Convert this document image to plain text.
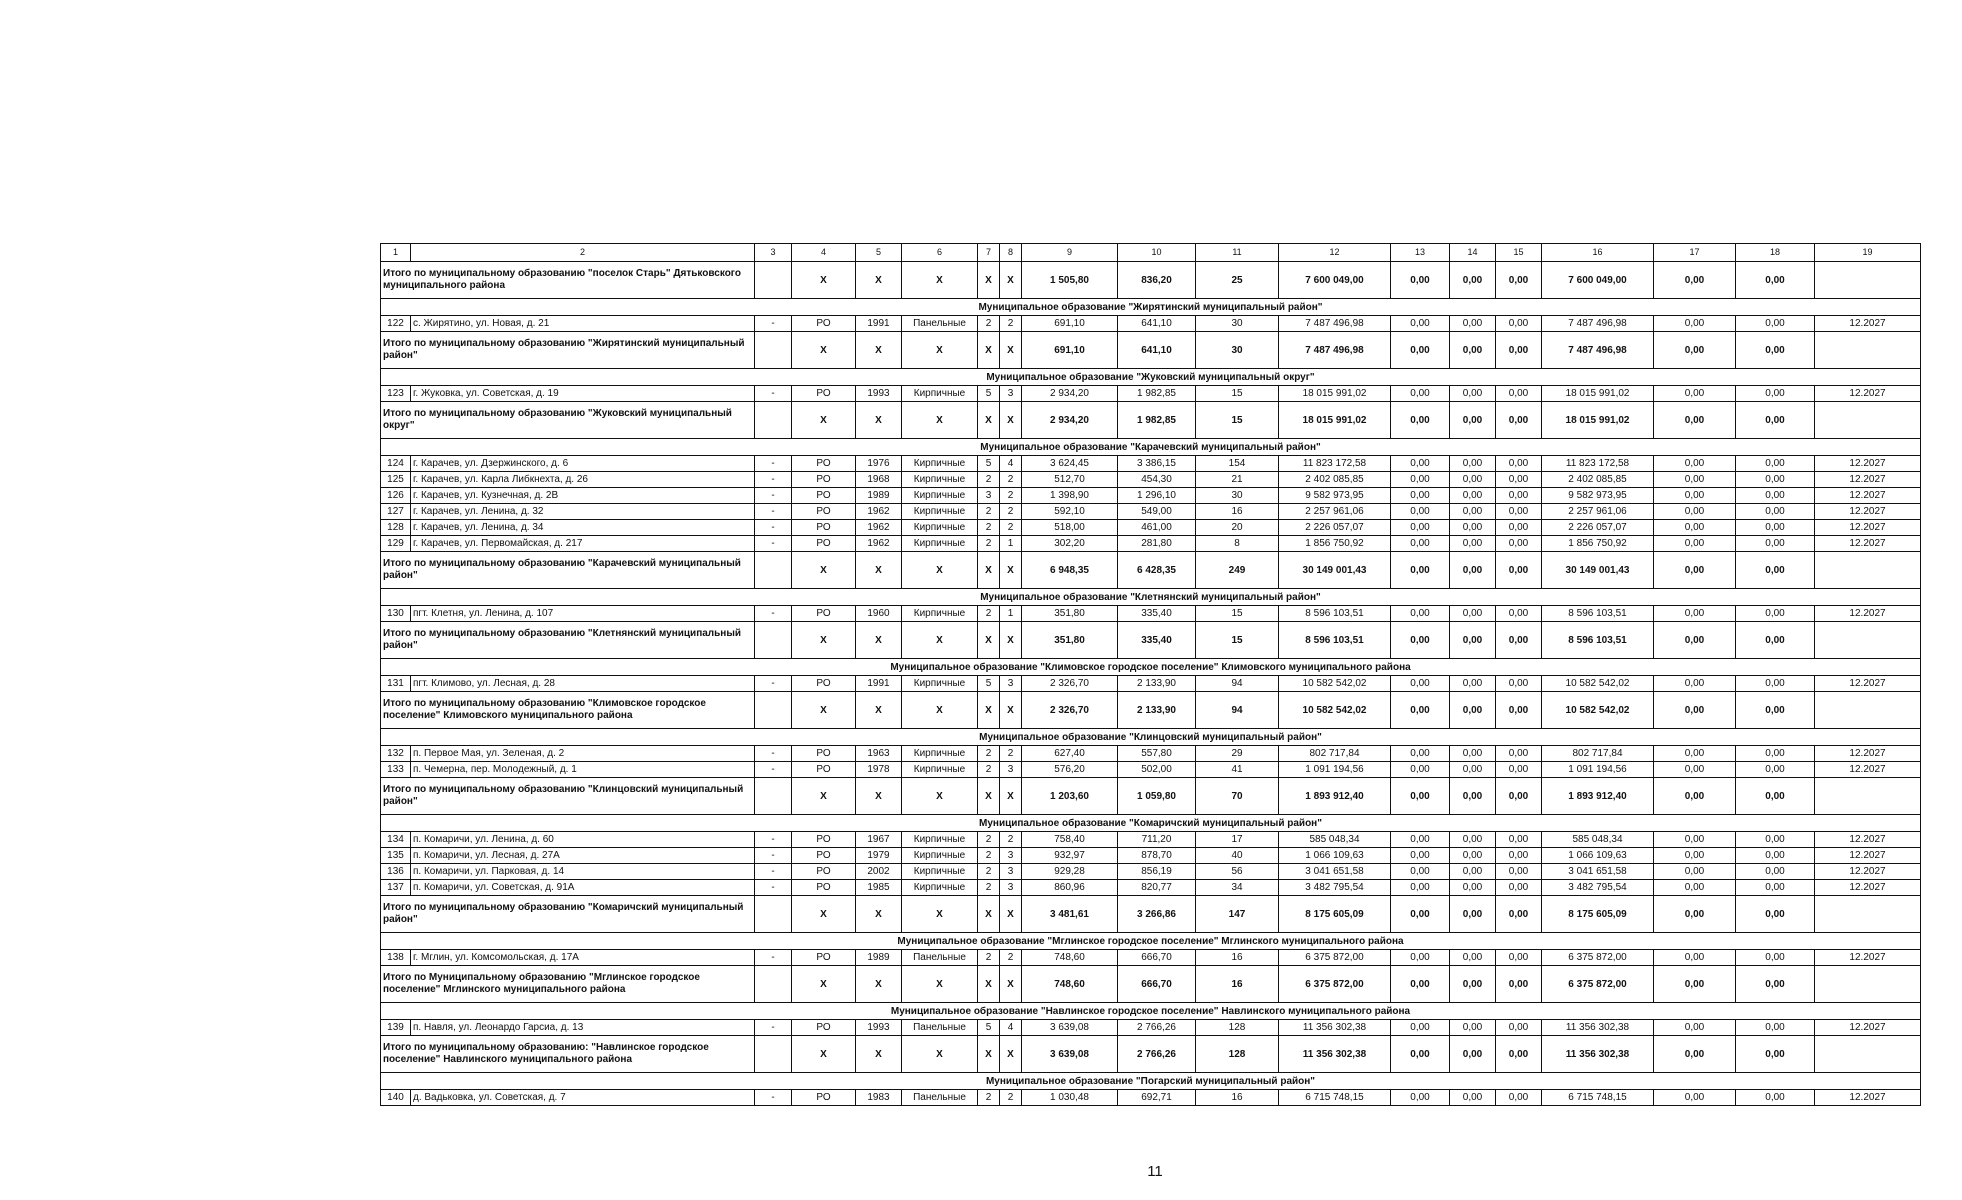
1	2	3	4	5	6	7	8	9	10	11	12	13	14	15	16	17	18	19
Итого по муниципальному образованию "поселок Старь" Дятьковского муниципального района			X	X	X	X	X	1 505,80	836,20	25	7 600 049,00	0,00	0,00	0,00	7 600 049,00	0,00	0,00	
Муниципальное образование "Жирятинский муниципальный район"																		
122	с. Жирятино, ул. Новая, д. 21	-	РО	1991	Панельные	2	2	691,10	641,10	30	7 487 496,98	0,00	0,00	0,00	7 487 496,98	0,00	0,00	12.2027
Итого по муниципальному образованию "Жирятинский муниципальный район"			X	X	X	X	X	691,10	641,10	30	7 487 496,98	0,00	0,00	0,00	7 487 496,98	0,00	0,00	
Муниципальное образование "Жуковский муниципальный округ"																		
123	г. Жуковка, ул. Советская, д. 19	-	РО	1993	Кирпичные	5	3	2 934,20	1 982,85	15	18 015 991,02	0,00	0,00	0,00	18 015 991,02	0,00	0,00	12.2027
Итого по муниципальному образованию "Жуковский муниципальный округ"			X	X	X	X	X	2 934,20	1 982,85	15	18 015 991,02	0,00	0,00	0,00	18 015 991,02	0,00	0,00	
Муниципальное образование "Карачевский муниципальный район"																		
124	г. Карачев, ул. Дзержинского, д. 6	-	РО	1976	Кирпичные	5	4	3 624,45	3 386,15	154	11 823 172,58	0,00	0,00	0,00	11 823 172,58	0,00	0,00	12.2027
125	г. Карачев, ул. Карла Либкнехта, д. 26	-	РО	1968	Кирпичные	2	2	512,70	454,30	21	2 402 085,85	0,00	0,00	0,00	2 402 085,85	0,00	0,00	12.2027
126	г. Карачев, ул. Кузнечная, д. 2В	-	РО	1989	Кирпичные	3	2	1 398,90	1 296,10	30	9 582 973,95	0,00	0,00	0,00	9 582 973,95	0,00	0,00	12.2027
127	г. Карачев, ул. Ленина, д. 32	-	РО	1962	Кирпичные	2	2	592,10	549,00	16	2 257 961,06	0,00	0,00	0,00	2 257 961,06	0,00	0,00	12.2027
128	г. Карачев, ул. Ленина, д. 34	-	РО	1962	Кирпичные	2	2	518,00	461,00	20	2 226 057,07	0,00	0,00	0,00	2 226 057,07	0,00	0,00	12.2027
129	г. Карачев, ул. Первомайская, д. 217	-	РО	1962	Кирпичные	2	1	302,20	281,80	8	1 856 750,92	0,00	0,00	0,00	1 856 750,92	0,00	0,00	12.2027
Итого по муниципальному образованию "Карачевский муниципальный район"			X	X	X	X	X	6 948,35	6 428,35	249	30 149 001,43	0,00	0,00	0,00	30 149 001,43	0,00	0,00	
Муниципальное образование "Клетнянский муниципальный район"																		
130	пгт. Клетня, ул. Ленина, д. 107	-	РО	1960	Кирпичные	2	1	351,80	335,40	15	8 596 103,51	0,00	0,00	0,00	8 596 103,51	0,00	0,00	12.2027
Итого по муниципальному образованию "Клетнянский муниципальный район"			X	X	X	X	X	351,80	335,40	15	8 596 103,51	0,00	0,00	0,00	8 596 103,51	0,00	0,00	
Муниципальное образование "Климовское городское поселение" Климовского муниципального района																		
131	пгт. Климово, ул. Лесная, д. 28	-	РО	1991	Кирпичные	5	3	2 326,70	2 133,90	94	10 582 542,02	0,00	0,00	0,00	10 582 542,02	0,00	0,00	12.2027
Итого по муниципальному образованию "Климовское городское поселение" Климовского муниципального района			X	X	X	X	X	2 326,70	2 133,90	94	10 582 542,02	0,00	0,00	0,00	10 582 542,02	0,00	0,00	
Муниципальное образование "Клинцовский муниципальный район"																		
132	п. Первое Мая, ул. Зеленая, д. 2	-	РО	1963	Кирпичные	2	2	627,40	557,80	29	802 717,84	0,00	0,00	0,00	802 717,84	0,00	0,00	12.2027
133	п. Чемерна, пер. Молодежный, д. 1	-	РО	1978	Кирпичные	2	3	576,20	502,00	41	1 091 194,56	0,00	0,00	0,00	1 091 194,56	0,00	0,00	12.2027
Итого по муниципальному образованию "Клинцовский муниципальный район"			X	X	X	X	X	1 203,60	1 059,80	70	1 893 912,40	0,00	0,00	0,00	1 893 912,40	0,00	0,00	
Муниципальное образование "Комаричский муниципальный район"																		
134	п. Комаричи, ул. Ленина, д. 60	-	РО	1967	Кирпичные	2	2	758,40	711,20	17	585 048,34	0,00	0,00	0,00	585 048,34	0,00	0,00	12.2027
135	п. Комаричи, ул. Лесная, д. 27А	-	РО	1979	Кирпичные	2	3	932,97	878,70	40	1 066 109,63	0,00	0,00	0,00	1 066 109,63	0,00	0,00	12.2027
136	п. Комаричи, ул. Парковая, д. 14	-	РО	2002	Кирпичные	2	3	929,28	856,19	56	3 041 651,58	0,00	0,00	0,00	3 041 651,58	0,00	0,00	12.2027
137	п. Комаричи, ул. Советская, д. 91А	-	РО	1985	Кирпичные	2	3	860,96	820,77	34	3 482 795,54	0,00	0,00	0,00	3 482 795,54	0,00	0,00	12.2027
Итого по муниципальному образованию "Комаричский муниципальный район"			X	X	X	X	X	3 481,61	3 266,86	147	8 175 605,09	0,00	0,00	0,00	8 175 605,09	0,00	0,00	
Муниципальное образование "Мглинское городское поселение" Мглинского муниципального района																		
138	г. Мглин, ул. Комсомольская, д. 17А	-	РО	1989	Панельные	2	2	748,60	666,70	16	6 375 872,00	0,00	0,00	0,00	6 375 872,00	0,00	0,00	12.2027
Итого по Муниципальному образованию "Мглинское городское поселение" Мглинского муниципального района			X	X	X	X	X	748,60	666,70	16	6 375 872,00	0,00	0,00	0,00	6 375 872,00	0,00	0,00	
Муниципальное образование "Навлинское городское поселение" Навлинского муниципального района																		
139	п. Навля, ул. Леонардо Гарсиа, д. 13	-	РО	1993	Панельные	5	4	3 639,08	2 766,26	128	11 356 302,38	0,00	0,00	0,00	11 356 302,38	0,00	0,00	12.2027
Итого по муниципальному образованию: "Навлинское городское поселение" Навлинского муниципального района			X	X	X	X	X	3 639,08	2 766,26	128	11 356 302,38	0,00	0,00	0,00	11 356 302,38	0,00	0,00	
Муниципальное образование "Погарский муниципальный район"																		
140	д. Вадьковка, ул. Советская, д. 7	-	РО	1983	Панельные	2	2	1 030,48	692,71	16	6 715 748,15	0,00	0,00	0,00	6 715 748,15	0,00	0,00	12.2027
11
